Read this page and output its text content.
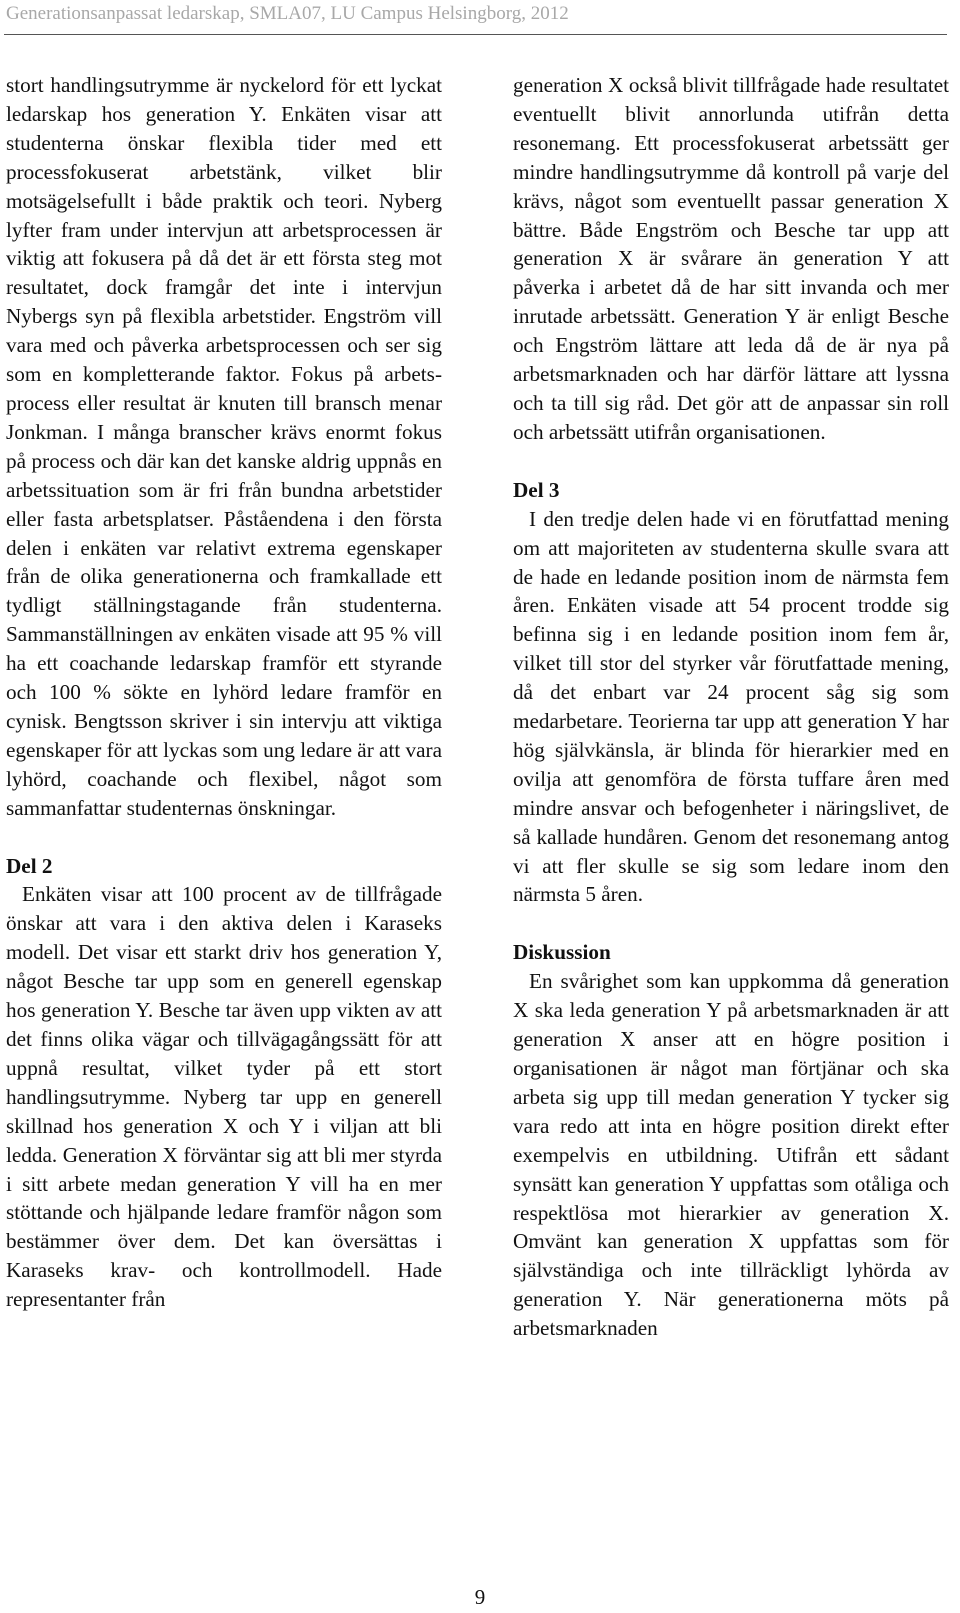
Generationsanpassat ledarskap, SMLA07, LU Campus Helsingborg, 2012

stort handlingsutrymme är nyckelord för ett lyckat ledarskap hos generation Y. Enkäten visar att studenterna önskar flexibla tider med ett processfokuserat arbetstänk, vilket blir motsägelsefullt i både praktik och teori. Nyberg lyfter fram under intervjun att arbetsprocessen är viktig att fokusera på då det är ett första steg mot resultatet, dock framgår det inte i intervjun Nybergs syn på flexibla arbetstider. Engström vill vara med och påverka arbetsprocessen och ser sig som en kompletterande faktor. Fokus på arbetsprocess eller resultat är knuten till bransch menar Jonkman. I många branscher krävs enormt fokus på process och där kan det kanske aldrig uppnås en arbetssituation som är fri från bundna arbetstider eller fasta arbetsplatser. Påståendena i den första delen i enkäten var relativt extrema egenskaper från de olika generationerna och framkallade ett tydligt ställningstagande från studenterna. Sammanställningen av enkäten visade att 95 % vill ha ett coachande ledarskap framför ett styrande och 100 % sökte en lyhörd ledare framför en cynisk. Bengtsson skriver i sin intervju att viktiga egenskaper för att lyckas som ung ledare är att vara lyhörd, coachande och flexibel, något som sammanfattar studenternas önskningar.

Del 2

Enkäten visar att 100 procent av de tillfrågade önskar att vara i den aktiva delen i Karaseks modell. Det visar ett starkt driv hos generation Y, något Besche tar upp som en generell egenskap hos generation Y. Besche tar även upp vikten av att det finns olika vägar och tillvägagångssätt för att uppnå resultat, vilket tyder på ett stort handlingsutrymme. Nyberg tar upp en generell skillnad hos generation X och Y i viljan att bli ledda. Generation X förväntar sig att bli mer styrda i sitt arbete medan generation Y vill ha en mer stöttande och hjälpande ledare framför någon som bestämmer över dem. Det kan översättas i Karaseks krav- och kontrollmodell. Hade representanter från

generation X också blivit tillfrågade hade resultatet eventuellt blivit annorlunda utifrån detta resonemang. Ett processfokuserat arbetssätt ger mindre handlingsutrymme då kontroll på varje del krävs, något som eventuellt passar generation X bättre. Både Engström och Besche tar upp att generation X är svårare än generation Y att påverka i arbetet då de har sitt invanda och mer inrutade arbetssätt. Generation Y är enligt Besche och Engström lättare att leda då de är nya på arbetsmarknaden och har därför lättare att lyssna och ta till sig råd. Det gör att de anpassar sin roll och arbetssätt utifrån organisationen.

Del 3

I den tredje delen hade vi en förutfattad mening om att majoriteten av studenterna skulle svara att de hade en ledande position inom de närmsta fem åren. Enkäten visade att 54 procent trodde sig befinna sig i en ledande position inom fem år, vilket till stor del styrker vår förutfattade mening, då det enbart var 24 procent såg sig som medarbetare. Teorierna tar upp att generation Y har hög självkänsla, är blinda för hierarkier med en ovilja att genomföra de första tuffare åren med mindre ansvar och befogenheter i näringslivet, de så kallade hundåren. Genom det resonemang antog vi att fler skulle se sig som ledare inom den närmsta 5 åren.

Diskussion

En svårighet som kan uppkomma då generation X ska leda generation Y på arbetsmarknaden är att generation X anser att en högre position i organisationen är något man förtjänar och ska arbeta sig upp till medan generation Y tycker sig vara redo att inta en högre position direkt efter exempelvis en utbildning. Utifrån ett sådant synsätt kan generation Y uppfattas som otåliga och respektlösa mot hierarkier av generation X. Omvänt kan generation X uppfattas som för självständiga och inte tillräckligt lyhörda av generation Y. När generationerna möts på arbetsmarknaden

9
